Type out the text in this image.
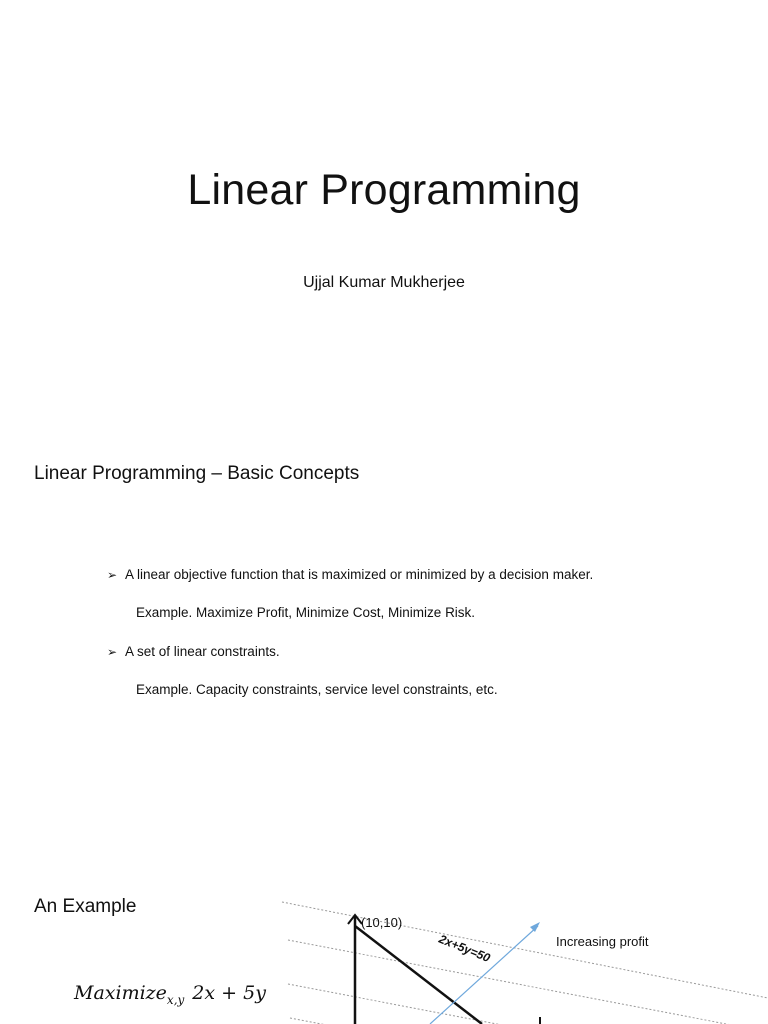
Linear Programming
Ujjal Kumar Mukherjee
Linear Programming – Basic Concepts
➢ A linear objective function that is maximized or minimized by a decision maker.
Example. Maximize Profit, Minimize Cost, Minimize Risk.
➢ A set of linear constraints.
Example. Capacity constraints, service level constraints, etc.
An Example
Maximize$_{x,y}$ 2x + 5y
(10,10)
2x+5y=50	Increasing profit
